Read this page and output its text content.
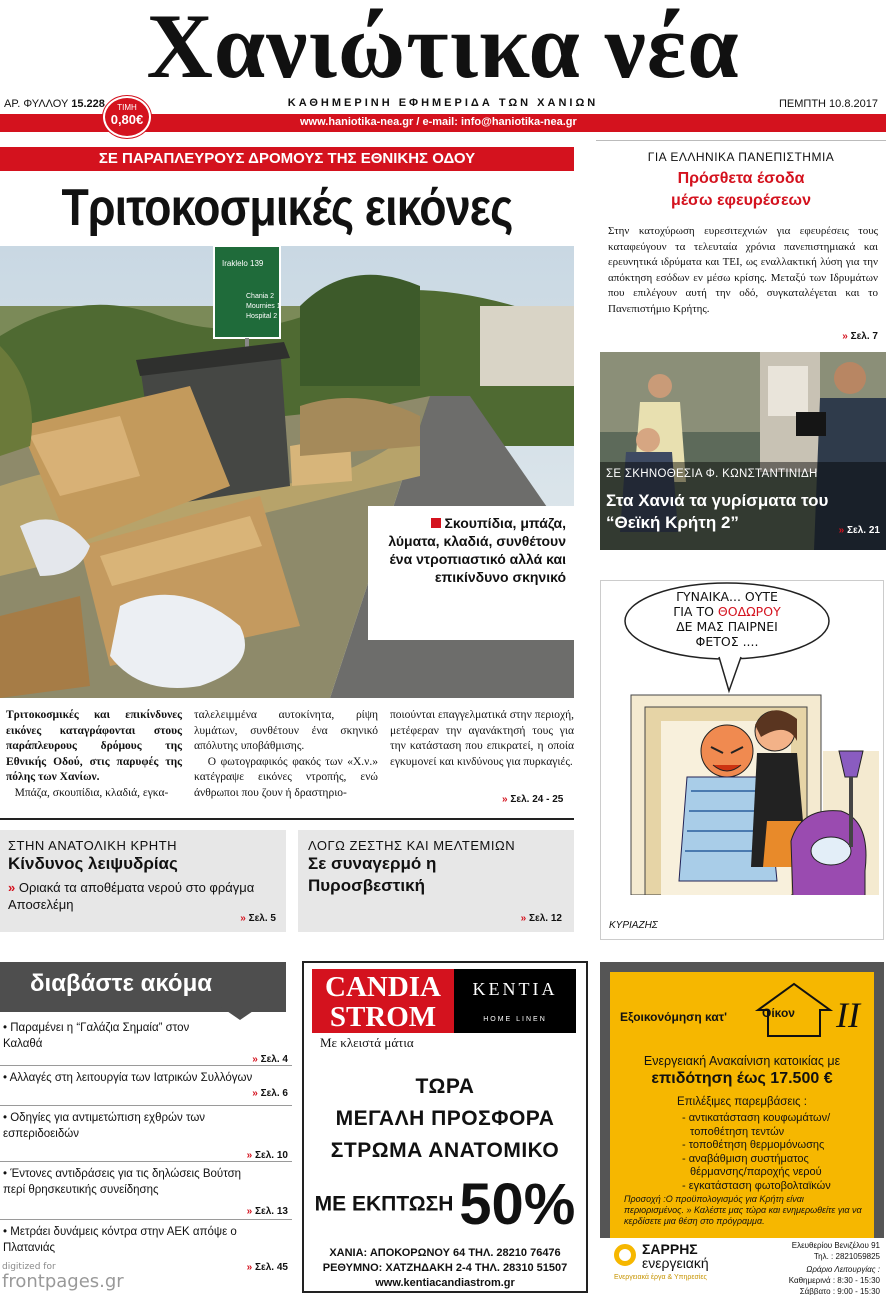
Χανιώτικα νέα
ΑΡ. ΦΥΛΛΟΥ 15.228	ΚΑΘΗΜΕΡΙΝΗ ΕΦΗΜΕΡΙΔΑ ΤΩΝ ΧΑΝΙΩΝ	ΠΕΜΠΤΗ 10.8.2017
www.haniotika-nea.gr / e-mail: info@haniotika-nea.gr
ΤΙΜΗ
0,80€
ΣΕ ΠΑΡΑΠΛΕΥΡΟΥΣ ΔΡΟΜΟΥΣ ΤΗΣ ΕΘΝΙΚΗΣ ΟΔΟΥ
Τριτοκοσμικές εικόνες
Iraklelo 139
Chania 2
Mournies 1
Hospital 2
Σκουπίδια, μπάζα, λύματα, κλαδιά, συνθέτουν ένα ντροπιαστικό αλλά και επικίνδυνο σκηνικό
Τριτοκοσμικές και επικίνδυνες εικόνες καταγράφονται στους παράπλευρους δρόμους της Εθνικής Οδού, στις παρυφές της πόλης των Χανίων.
Μπάζα, σκουπίδια, κλαδιά, εγκα-
ταλελειμμένα αυτοκίνητα, ρίψη λυμάτων, συνθέτουν ένα σκηνικό απόλυτης υποβάθμισης.
Ο φωτογραφικός φακός των «Χ.ν.» κατέγραψε εικόνες ντροπής, ενώ άνθρωποι που ζουν ή δραστηριο-
ποιούνται επαγγελματικά στην περιοχή, μετέφεραν την αγανάκτησή τους για την κατάσταση που επικρατεί, η οποία εγκυμονεί και κινδύνους για πυρκαγιές.
» Σελ. 24 - 25
ΣΤΗΝ ΑΝΑΤΟΛΙΚΗ ΚΡΗΤΗ
Κίνδυνος λειψυδρίας
» Οριακά τα αποθέματα νερού στο φράγμα Αποσελέμη
» Σελ. 5
ΛΟΓΩ ΖΕΣΤΗΣ ΚΑΙ ΜΕΛΤΕΜΙΩΝ
Σε συναγερμό η Πυροσβεστική
» Σελ. 12
ΓΙΑ ΕΛΛΗΝΙΚΑ ΠΑΝΕΠΙΣΤΗΜΙΑ
Πρόσθετα έσοδα μέσω εφευρέσεων
Στην κατοχύρωση ευρεσιτεχνιών για εφευρέσεις τους καταφεύγουν τα τελευταία χρόνια πανεπιστημιακά και ερευνητικά ιδρύματα και ΤΕΙ, ως εναλλακτική λύση για την απόκτηση εσόδων εν μέσω κρίσης. Μεταξύ των Ιδρυμάτων που επιλέγουν αυτή την οδό, συγκαταλέγεται και το Πανεπιστήμιο Κρήτης.
» Σελ. 7
ΣΕ ΣΚΗΝΟΘΕΣΙΑ Φ. ΚΩΝΣΤΑΝΤΙΝΙΔΗ
Στα Χανιά τα γυρίσματα του “Θεϊκή Κρήτη 2”	» Σελ. 21
ΓΥΝΑΙΚΑ... ΟΥΤΕ
ΓΙΑ ΤΟ ΘΟΔΩΡΟΥ
ΔΕ ΜΑΣ ΠΑΙΡΝΕΙ
ΦΕΤΟΣ ....
ΚΥΡΙΑΖΗΣ
διαβάστε ακόμα
• Παραμένει η “Γαλάζια Σημαία” στον Καλαθά
» Σελ. 4
• Αλλαγές στη λειτουργία των Ιατρικών Συλλόγων
» Σελ. 6
• Οδηγίες για αντιμετώπιση εχθρών των εσπεριδοειδών
» Σελ. 10
• Έντονες αντιδράσεις για τις δηλώσεις Βούτση περί θρησκευτικής συνείδησης
» Σελ. 13
• Μετράει δυνάμεις κόντρα στην ΑΕΚ απόψε ο Πλατανιάς
» Σελ. 45
CANDIA
STROM
KENTIA
HOME LINEN
Με κλειστά μάτια
ΤΩΡΑ
ΜΕΓΑΛΗ ΠΡΟΣΦΟΡΑ
ΣΤΡΩΜΑ ΑΝΑΤΟΜΙΚΟ
ΜΕ ΕΚΠΤΩΣΗ 50%
ΧΑΝΙΑ: ΑΠΟΚΟΡΩΝΟΥ 64 ΤΗΛ. 28210 76476
ΡΕΘΥΜΝΟ: ΧΑΤΖΗΔΑΚΗ 2-4 ΤΗΛ. 28310 51507
www.kentiacandiastrom.gr
Εξοικονόμηση κατ'	Οίκον II
Ενεργειακή Ανακαίνιση κατοικίας με
επιδότηση έως 17.500 €
Επιλέξιμες παρεμβάσεις :
- αντικατάσταση κουφωμάτων/
τοποθέτηση τεντών
- τοποθέτηση θερμομόνωσης
- αναβάθμιση συστήματος
θέρμανσης/παροχής νερού
- εγκατάσταση φωτοβολταϊκών
Προσοχή :Ο προϋπολογισμός για Κρήτη είναι περιορισμένος. » Καλέστε μας τώρα και ενημερωθείτε για να κερδίσετε μια θέση στο πρόγραμμα.
ΣΑΡΡΗΣ
ενεργειακή
Ενεργειακά έργα & Υπηρεσίες
Ελευθερίου Βενιζέλου 91
Τηλ. : 2821059825
Ωράριο Λειτουργίας :
Καθημερινά : 8:30 - 15:30
Σάββατο : 9:00 - 15:30
digitized for
frontpages.gr
